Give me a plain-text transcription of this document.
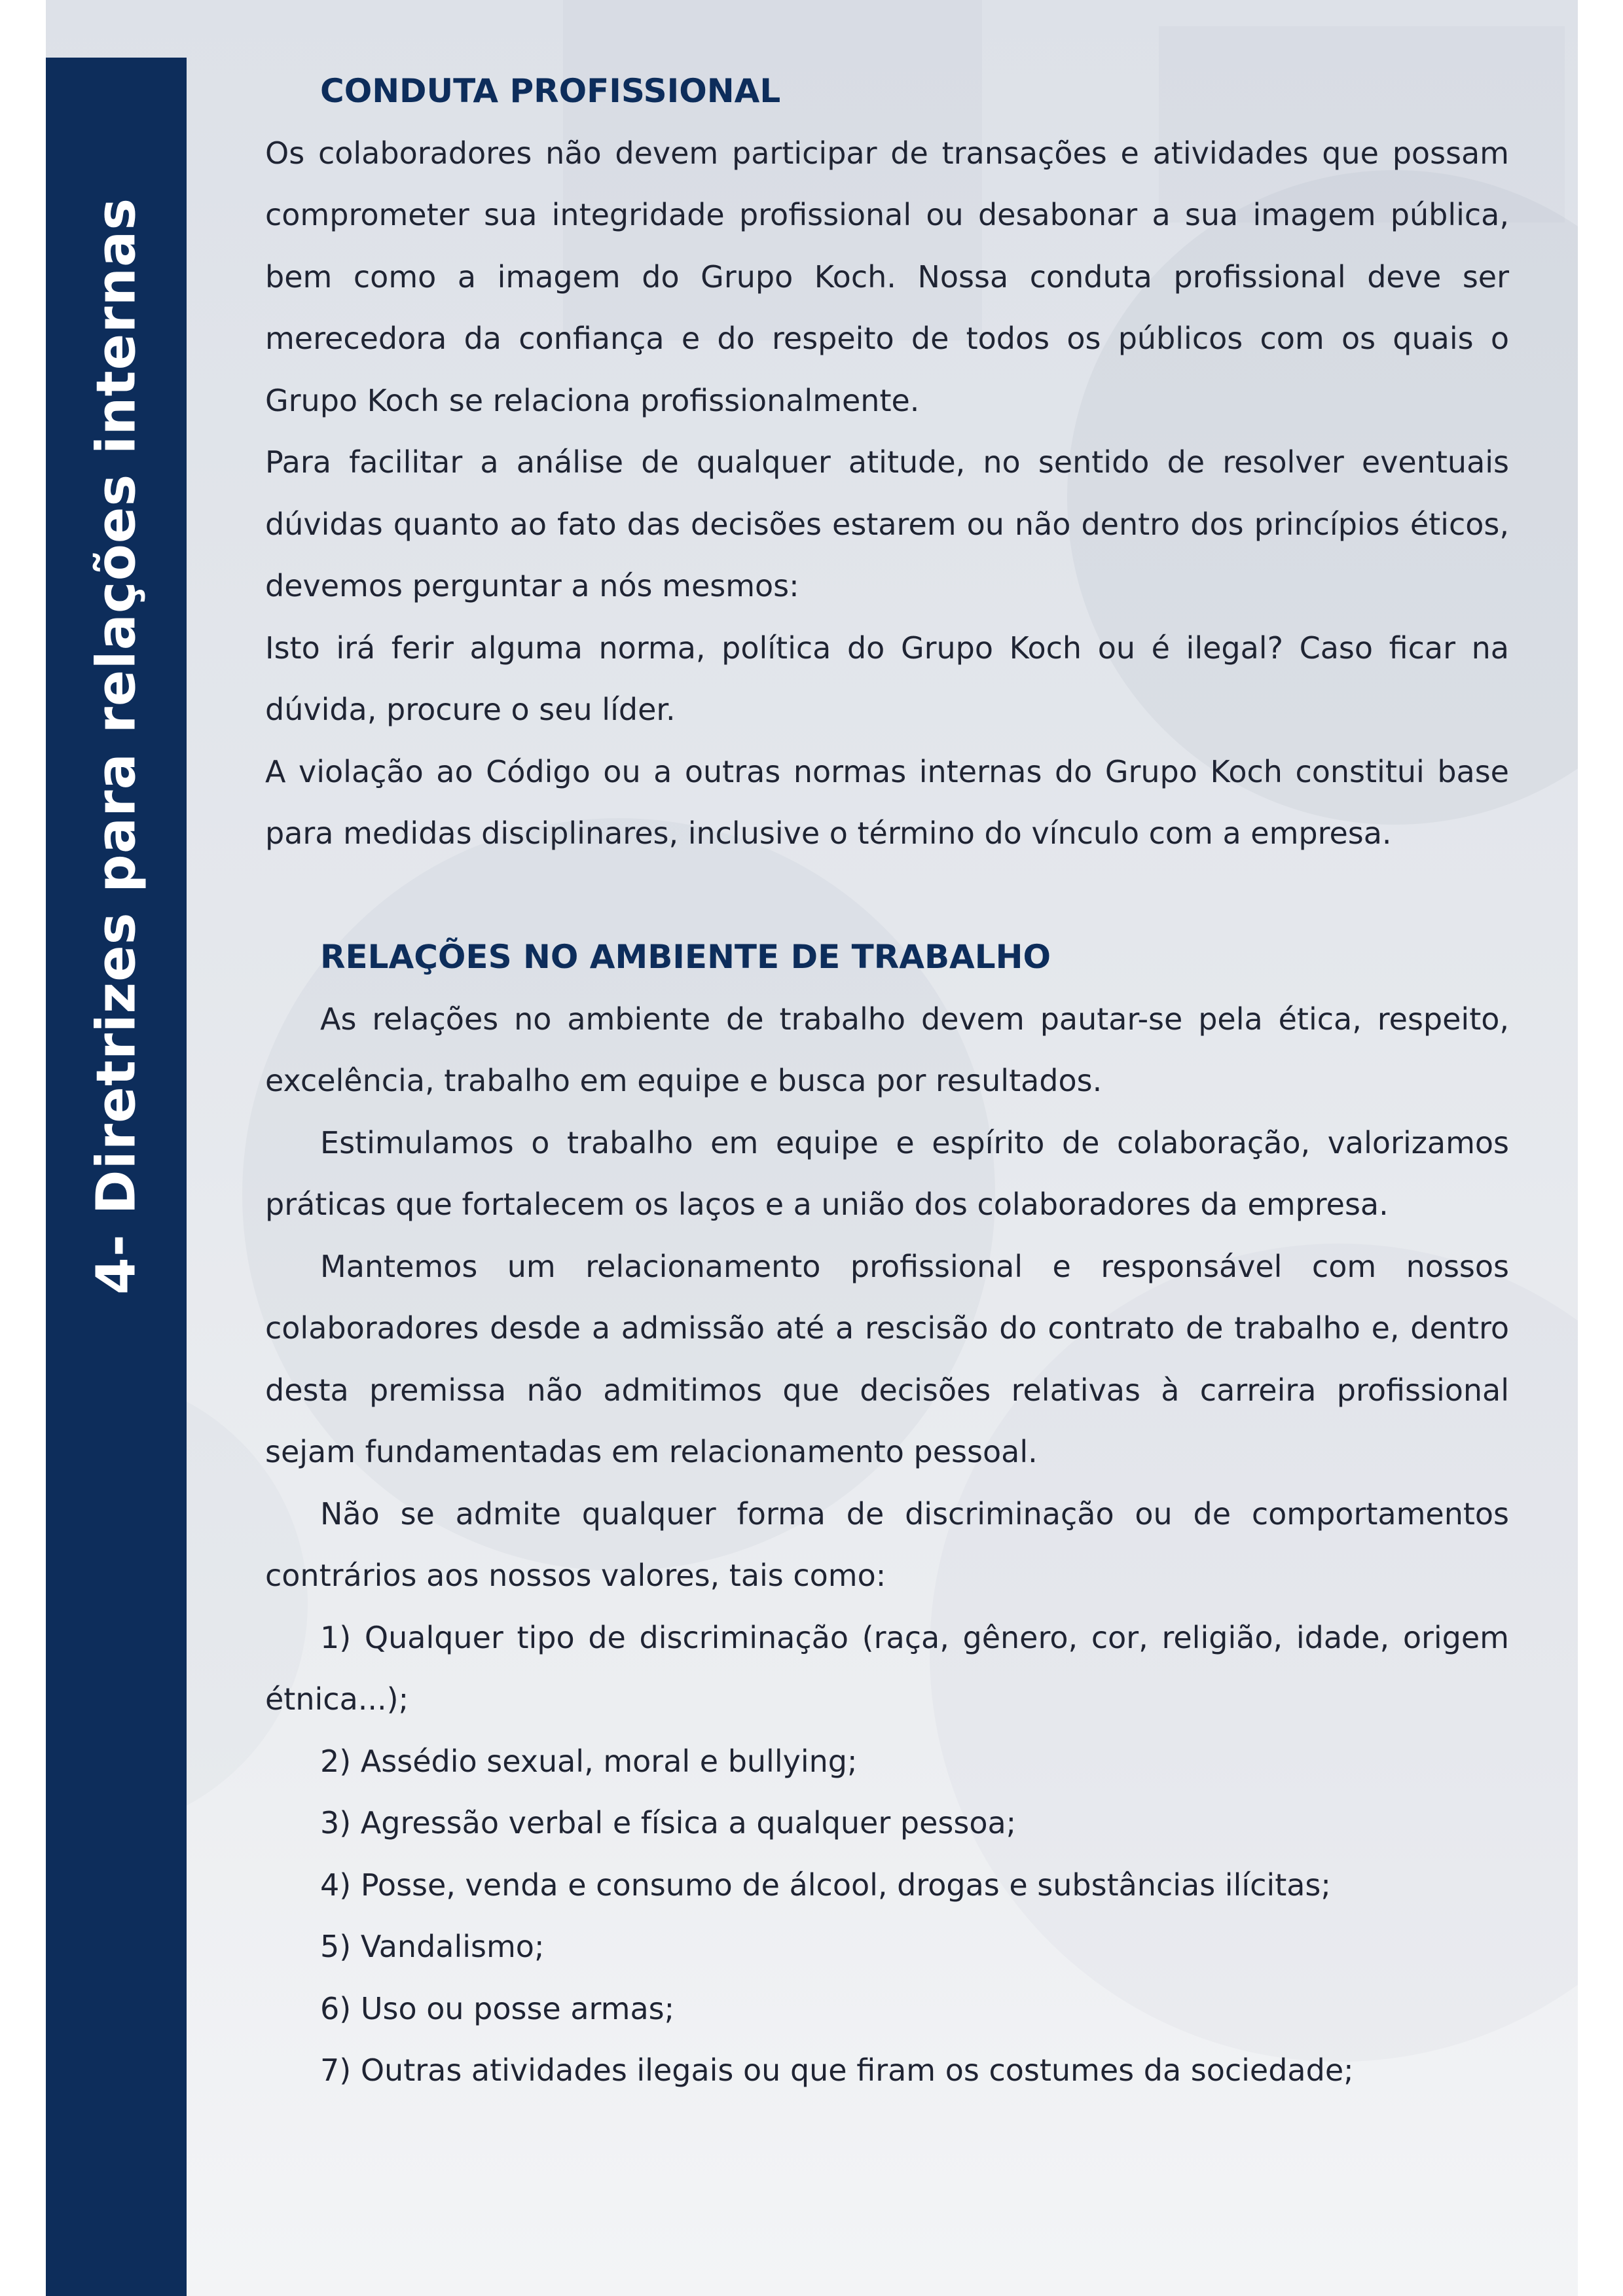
4- Diretrizes para relações internas
CONDUTA PROFISSIONAL

Os colaboradores não devem participar de transações e atividades que possam comprometer sua integridade profissional ou desabonar a sua imagem pública, bem como a imagem do Grupo Koch. Nossa conduta profissional deve ser merecedora da confiança e do respeito de todos os públicos com os quais o Grupo Koch se relaciona profissionalmente.

Para facilitar a análise de qualquer atitude, no sentido de resolver eventuais dúvidas quanto ao fato das decisões estarem ou não dentro dos princípios éticos, devemos perguntar a nós mesmos:

Isto irá ferir alguma norma, política do Grupo Koch ou é ilegal? Caso ficar na dúvida, procure o seu líder.

A violação ao Código ou a outras normas internas do Grupo Koch constitui base para medidas disciplinares, inclusive o término do vínculo com a empresa.

RELAÇÕES NO AMBIENTE DE TRABALHO

As relações no ambiente de trabalho devem pautar-se pela ética, respeito, excelência, trabalho em equipe e busca por resultados.

Estimulamos o trabalho em equipe e espírito de colaboração, valorizamos práticas que fortalecem os laços e a união dos colaboradores da empresa.

Mantemos um relacionamento profissional e responsável com nossos colaboradores desde a admissão até a rescisão do contrato de trabalho e, dentro desta premissa não admitimos que decisões relativas à carreira profissional sejam fundamentadas em relacionamento pessoal.

Não se admite qualquer forma de discriminação ou de comportamentos contrários aos nossos valores, tais como:

1) Qualquer tipo de discriminação (raça, gênero, cor, religião, idade, origem étnica...);

2) Assédio sexual, moral e bullying;

3) Agressão verbal e física a qualquer pessoa;

4) Posse, venda e consumo de álcool, drogas e substâncias ilícitas;

5) Vandalismo;

6) Uso ou posse armas;

7) Outras atividades ilegais ou que firam os costumes da sociedade;
